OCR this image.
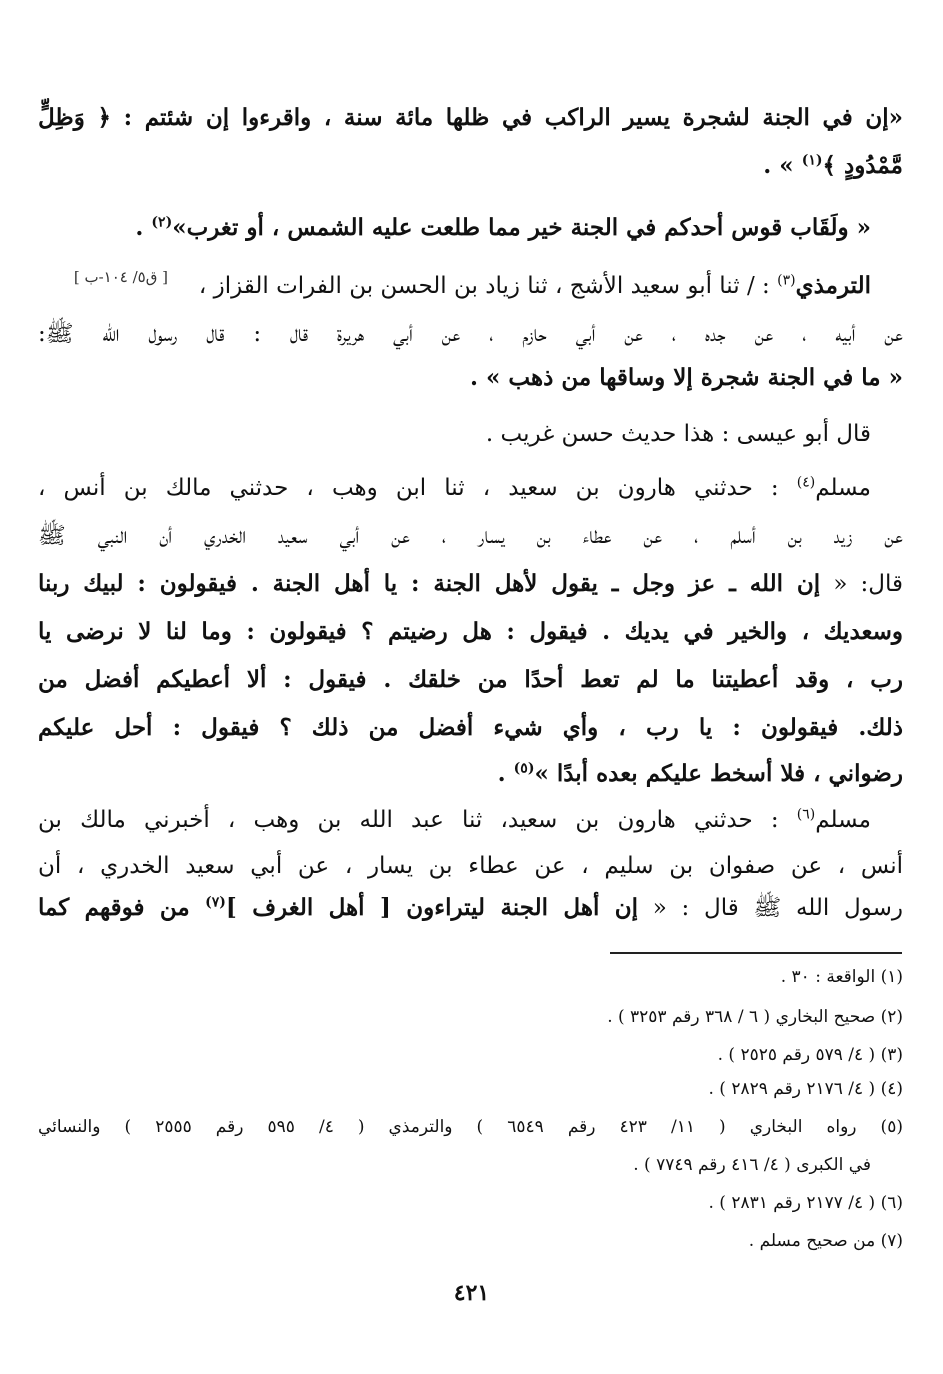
[ ق٥/ ١٠٤-ب ]
«إن في الجنة لشجرة يسير الراكب في ظلها مائة سنة ، واقرءوا إن شئتم : ﴿ وَظِلٍّ
مَّمْدُودٍ ﴾$^{(١)}$ » .
« ولَقَاب قوس أحدكم في الجنة خير مما طلعت عليه الشمس ، أو تغرب»$^{(٢)}$ .
الترمذي$^{(٣)}$ : / ثنا أبو سعيد الأشج ، ثنا زياد بن الحسن بن الفرات القزاز ،
عن أبيه ، عن جده ، عن أبي حازم ، عن أبي هريرة قال : قال رسول الله ﷺ:
« ما في الجنة شجرة إلا وساقها من ذهب » .
قال أبو عيسى : هذا حديث حسن غريب .
مسلم$^{(٤)}$ : حدثني هارون بن سعيد ، ثنا ابن وهب ، حدثني مالك بن أنس ،
عن زيد بن أسلم ، عن عطاء بن يسار ، عن أبي سعيد الخدري أن النبي ﷺ
قال: « إن الله ـ عز وجل ـ يقول لأهل الجنة : يا أهل الجنة . فيقولون : لبيك ربنا
وسعديك ، والخير في يديك . فيقول : هل رضيتم ؟ فيقولون : وما لنا لا نرضى يا
رب ، وقد أعطيتنا ما لم تعط أحدًا من خلقك . فيقول : ألا أعطيكم أفضل من
ذلك. فيقولون : يا رب ، وأي شيء أفضل من ذلك ؟ فيقول : أحل عليكم
رضواني ، فلا أسخط عليكم بعده أبدًا »$^{(٥)}$ .
مسلم$^{(٦)}$ : حدثني هارون بن سعيد، ثنا عبد الله بن وهب ، أخبرني مالك بن
أنس ، عن صفوان بن سليم ، عن عطاء بن يسار ، عن أبي سعيد الخدري ، أن
رسول الله ﷺ قال : « إن أهل الجنة ليتراءون [ أهل الغرف ]$^{(٧)}$ من فوقهم كما
(١) الواقعة : ٣٠ .
(٢) صحيح البخاري ( ٦ / ٣٦٨ رقم ٣٢٥٣ ) .
(٣) ( ٤/ ٥٧٩ رقم ٢٥٢٥ ) .
(٤) ( ٤/ ٢١٧٦ رقم ٢٨٢٩ ) .
(٥) رواه البخاري ( ١١/ ٤٢٣ رقم ٦٥٤٩ ) والترمذي ( ٤/ ٥٩٥ رقم ٢٥٥٥ ) والنسائي
في الكبرى ( ٤/ ٤١٦ رقم ٧٧٤٩ ) .
(٦) ( ٤/ ٢١٧٧ رقم ٢٨٣١ ) .
(٧) من صحيح مسلم .
٤٢١
